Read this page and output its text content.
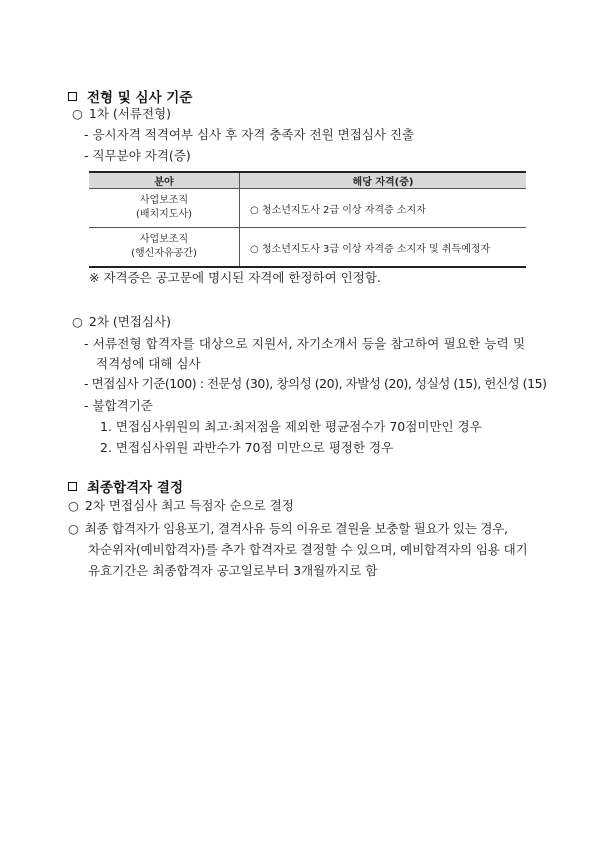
전형 및 심사 기준
○ 1차 (서류전형)
- 응시자격 적격여부 심사 후 자격 충족자 전원 면접심사 진출
- 직무분야 자격(증)
분야	해당 자격(증)

사업보조직
(배치지도사)	○ 청소년지도사 2급 이상 자격증 소지자

사업보조직
(행신자유공간)	○ 청소년지도사 3급 이상 자격증 소지자 및 취득예정자
※ 자격증은 공고문에 명시된 자격에 한정하여 인정함.
○ 2차 (면접심사)
- 서류전형 합격자를 대상으로 지원서, 자기소개서 등을 참고하여 필요한 능력 및
적격성에 대해 심사
- 면접심사 기준(100) : 전문성 (30), 창의성 (20), 자발성 (20), 성실성 (15), 헌신성 (15)
- 불합격기준
1. 면접심사위원의 최고·최저점을 제외한 평균점수가 70점미만인 경우
2. 면접심사위원 과반수가 70점 미만으로 평정한 경우
최종합격자 결정
○ 2차 면접심사 최고 득점자 순으로 결정
○ 최종 합격자가 임용포기, 결격사유 등의 이유로 결원을 보충할 필요가 있는 경우,
차순위자(예비합격자)를 추가 합격자로 결정할 수 있으며, 예비합격자의 임용 대기
유효기간은 최종합격자 공고일로부터 3개월까지로 함
